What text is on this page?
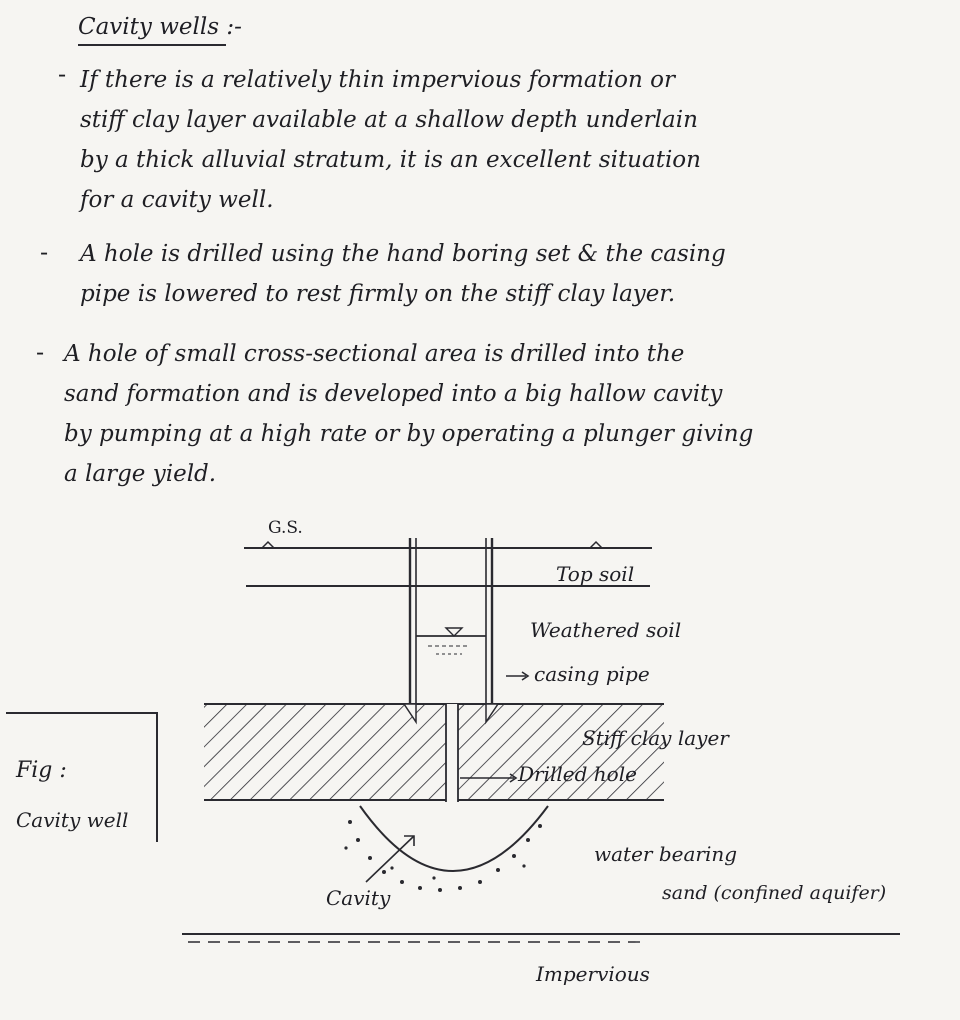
Cavity wells :-
-
-
-
If there is a relatively thin impervious formation or
stiff clay layer available at a shallow depth underlain
by a thick alluvial stratum, it is an excellent situation
for a cavity well.
A hole is drilled using the hand boring set & the casing
pipe is lowered to rest firmly on the stiff clay layer.
A hole of small cross-sectional area is drilled into the
sand formation and is developed into a big hallow cavity
by pumping at a high rate or by operating a plunger giving
a large yield.
G.S.
Top soil
Weathered soil
casing pipe
Stiff clay layer
Drilled hole
water bearing
sand (confined aquifer)
Cavity
Impervious
Fig :
Cavity well
